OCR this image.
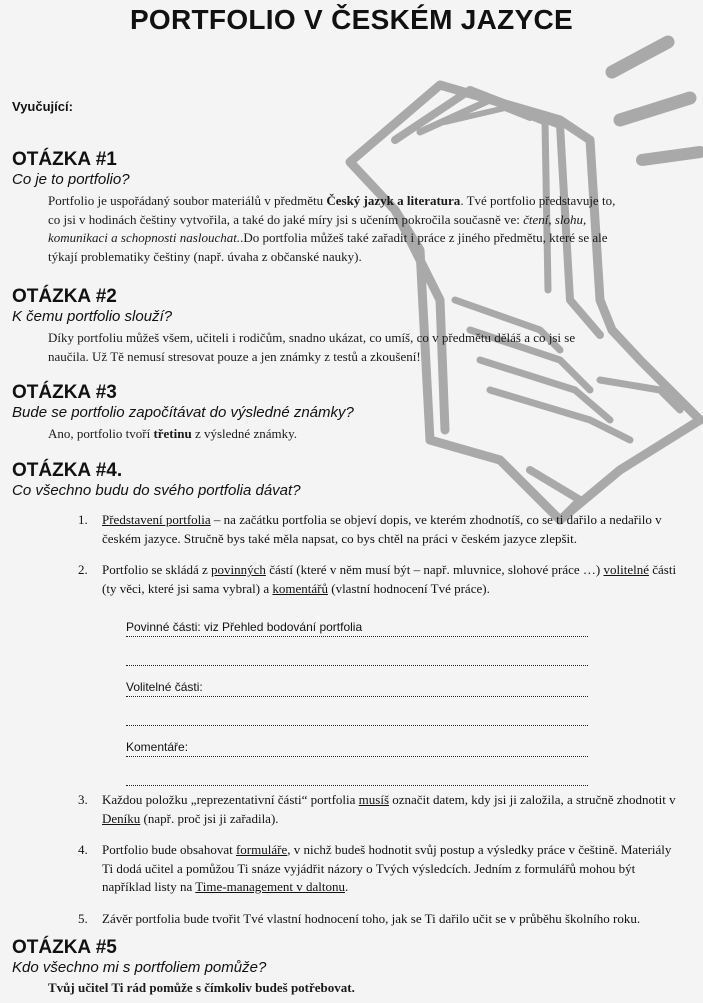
PORTFOLIO V ČESKÉM JAZYCE
Vyučující:

OTÁZKA #1

Co je to portfolio?

Portfolio je uspořádaný soubor materiálů v předmětu Český jazyk a literatura. Tvé portfolio představuje to, co jsi v hodinách češtiny vytvořila, a také do jaké míry jsi s učením pokročila současně ve: čtení, slohu, komunikaci a schopnosti naslouchat..Do portfolia můžeš také zařadit i práce z jiného předmětu, které se ale týkají problematiky češtiny (např. úvaha z občanské nauky).

OTÁZKA #2

K čemu portfolio slouží?

Díky portfoliu můžeš všem, učiteli i rodičům, snadno ukázat, co umíš, co v předmětu děláš a co jsi se naučila. Už Tě nemusí stresovat pouze a jen známky z testů a zkoušení!

OTÁZKA #3

Bude se portfolio započítávat do výsledné známky?

Ano, portfolio tvoří třetinu z výsledné známky.

OTÁZKA #4.

Co všechno budu do svého portfolia dávat?

1. Představení portfolia – na začátku portfolia se objeví dopis, ve kterém zhodnotíš, co se ti dařilo a nedařilo v českém jazyce. Stručně bys také měla napsat, co bys chtěl na práci v českém jazyce zlepšit.
2. Portfolio se skládá z povinných částí (které v něm musí být – např. mluvnice, slohové práce …) volitelné části (ty věci, které jsi sama vybral) a komentářů (vlastní hodnocení Tvé práce).
Povinné části: viz Přehled bodování portfolia
Volitelné části:
Komentáře:
3. Každou položku „reprezentativní části“ portfolia musíš označit datem, kdy jsi ji založila, a stručně zhodnotit v Deníku (např. proč jsi ji zařadila).
4. Portfolio bude obsahovat formuláře, v nichž budeš hodnotit svůj postup a výsledky práce v češtině. Materiály Ti dodá učitel a pomůžou Ti snáze vyjádřit názory o Tvých výsledcích. Jedním z formulářů mohou být například listy na Time-management v daltonu.
5. Závěr portfolia bude tvořit Tvé vlastní hodnocení toho, jak se Ti dařilo učit se v průběhu školního roku.

OTÁZKA #5

Kdo všechno mi s portfoliem pomůže?

Tvůj učitel Ti rád pomůže s čímkoliv budeš potřebovat.
